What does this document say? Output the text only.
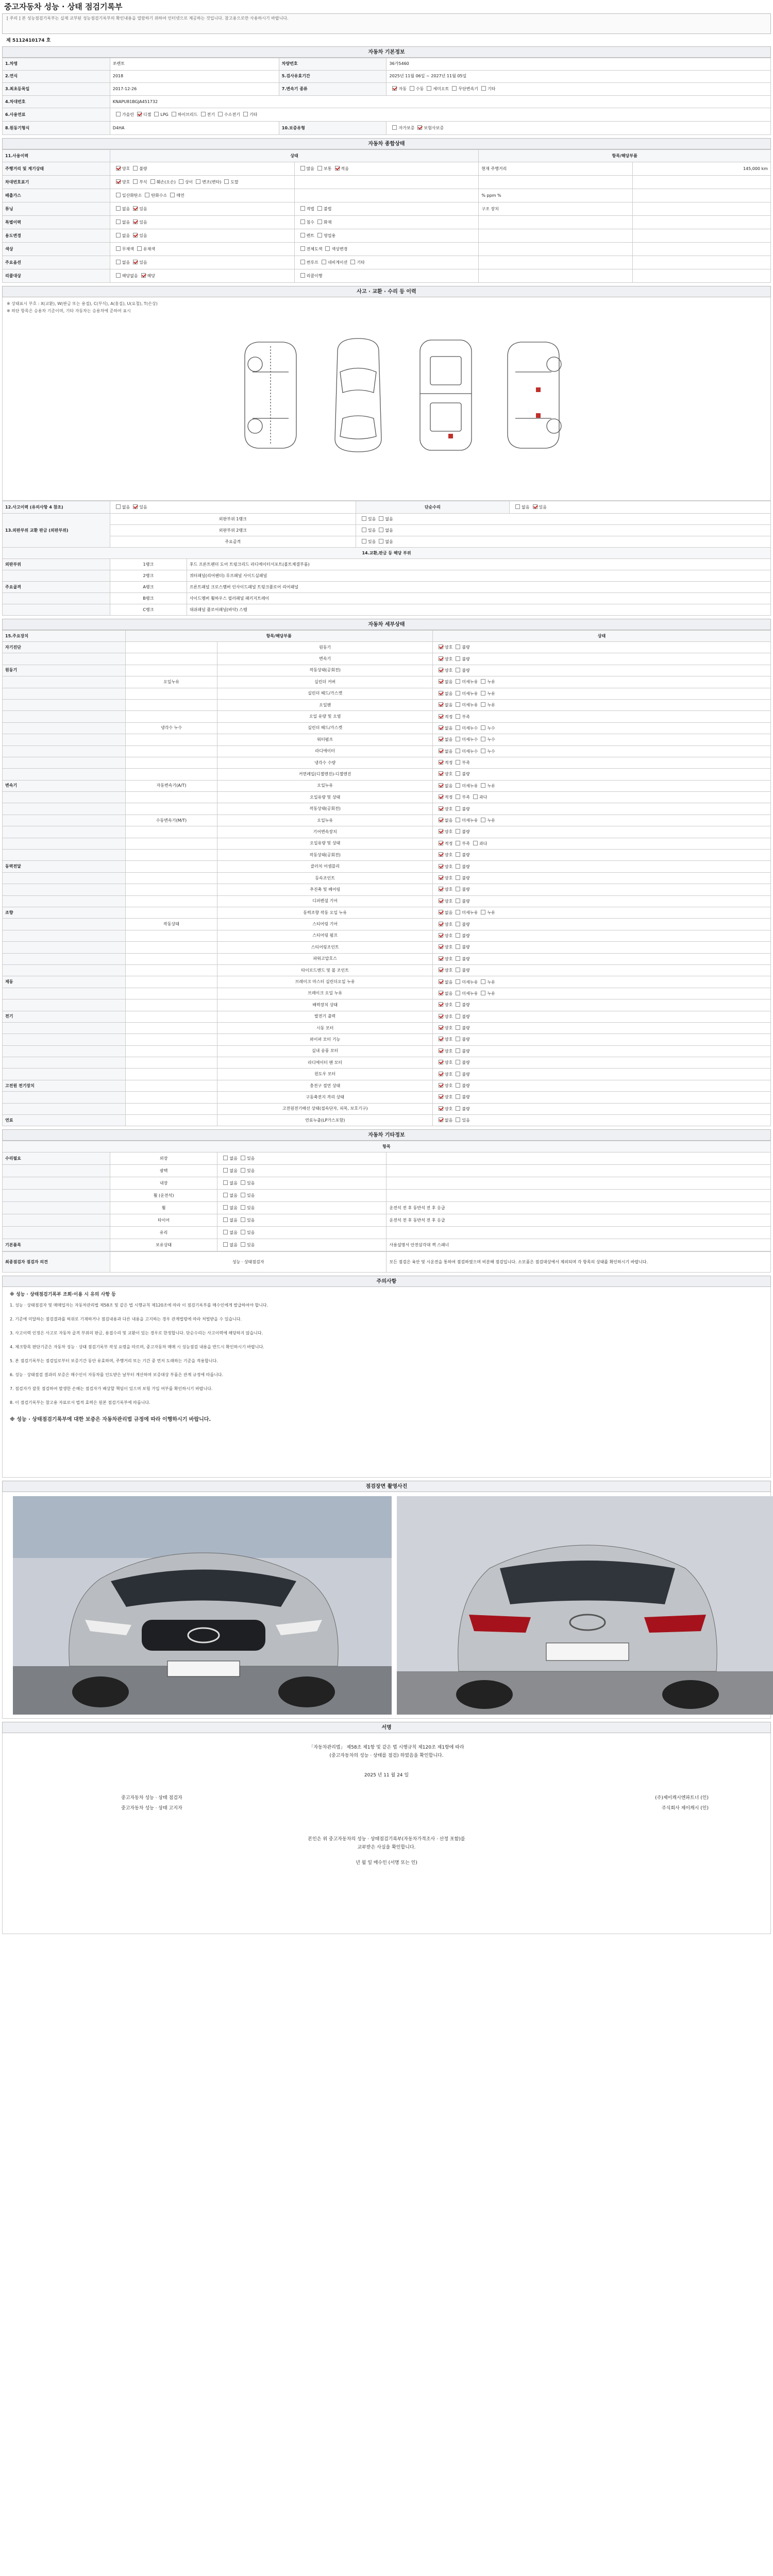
중고자동차 성능 · 상태 점검기록부
[ 주의 ] 본 성능점검기록부는 실제 교부된 성능점검기록부의 확인내용을 열람하기 위하여 인터넷으로 제공하는 것입니다. 참고용으로만 사용하시기 바랍니다.
제 5112410174 호
자동차 기본정보
1.차명	쏘렌토	차량번호	36가5460
2.연식	2018	5.검사유효기간	2025년 11월 06일 ~ 2027년 11월 05일
3.최초등록일	2017-12-26	7.변속기 종류	자동 수동 세미오토 무단변속기 기타
4.차대번호	KNAPU81BGJA451732		
6.사용연료	가솔린 디젤 LPG 하이브리드 전기 수소전기 기타		
8.원동기형식	D4HA	10.보증유형	자가보증 보험사보증
자동차 종합상태
11.사용이력	상태		항목/해당부품	
주행거리 및 계기상태	양호 불량	많음 보통 적음	현재 주행거리	145,000 km
차대번호표기	양호 부식 훼손(오손) 상이 변조(변타) 도말			
배출가스	일산화탄소 탄화수소 매연		% ppm %	
튜닝	없음 있음	적법 불법	구조 장치	
특별이력	없음 있음	침수 화재		
용도변경	없음 있음	렌트 영업용		
색상	무채색 유채색	전체도색 색상변경		
주요옵션	없음 있음	썬루프 네비게이션 기타		
리콜대상	해당없음 해당	리콜이행		
사고 · 교환 · 수리 등 이력
※ 상태표시 부호 : X(교환), W(판금 또는 용접), C(부식), A(흠집), U(요철), T(손상)
※ 하단 항목은 승용차 기준이며, 기타 자동차는 승용차에 준하여 표시
12.사고이력 (유의사항 4 참조)	없음 있음		단순수리	없음 있음
13.외판부위 교환 판금 (외판부위)	외판부위 1랭크		있음 없음	
	외판부위 2랭크		있음 없음	
	주요골격		있음 없음	
14.교환,판금 등 해당 부위				
외판부위	1랭크	후드 프론트펜더 도어 트렁크리드 라디에이터서포트(볼트체결부품)		
	2랭크	쿼터패널(리어펜더) 루프패널 사이드실패널		
주요골격	A랭크	프론트패널 크로스멤버 인사이드패널 트렁크플로어 리어패널		
	B랭크	사이드멤버 휠하우스 필러패널 패키지트레이		
	C랭크	대쉬패널 플로어패널(바닥) 스템		
자동차 세부상태
15.주요장치	항목/해당부품		상태
자기진단		원동기	양호 불량
		변속기	양호 불량
원동기		작동상태(공회전)	양호 불량
	오일누유	실린더 커버	없음 미세누유 누유
		실린더 헤드/가스켓	없음 미세누유 누유
		오일팬	없음 미세누유 누유
		오일 유량 및 오염	적정 부족
	냉각수 누수	실린더 헤드/가스켓	없음 미세누수 누수
		워터펌프	없음 미세누수 누수
		라디에이터	없음 미세누수 누수
		냉각수 수량	적정 부족
		커먼레일(디젤엔진)-디젤엔진	양호 불량
변속기	자동변속기(A/T)	오일누유	없음 미세누유 누유
		오일유량 및 상태	적정 부족 과다
		작동상태(공회전)	양호 불량
	수동변속기(M/T)	오일누유	없음 미세누유 누유
		기어변속장치	양호 불량
		오일유량 및 상태	적정 부족 과다
		작동상태(공회전)	양호 불량
동력전달		클러치 어셈블리	양호 불량
		등속조인트	양호 불량
		추진축 및 베어링	양호 불량
		디퍼렌셜 기어	양호 불량
조향		동력조향 작동 오일 누유	없음 미세누유 누유
	작동상태	스티어링 기어	양호 불량
		스티어링 펌프	양호 불량
		스티어링조인트	양호 불량
		파워고압호스	양호 불량
		타이로드엔드 및 볼 조인트	양호 불량
제동		브레이크 마스터 실린더오일 누유	없음 미세누유 누유
		브레이크 오일 누유	없음 미세누유 누유
		배력장치 상태	양호 불량
전기		발전기 출력	양호 불량
		시동 모터	양호 불량
		와이퍼 모터 기능	양호 불량
		실내 송풍 모터	양호 불량
		라디에이터 팬 모터	양호 불량
		윈도우 모터	양호 불량
고전원 전기장치		충전구 절연 상태	양호 불량
		구동축전지 격리 상태	양호 불량
		고전원전기배선 상태(접속단자, 피복, 보호기구)	양호 불량
연료		연료누출(LP가스포함)	없음 있음
자동차 기타정보
항목			
수리필요	외장	없음 있음	
	광택	없음 있음	
	내장	없음 있음	
	휠 (운전석)	없음 있음	
	휠	없음 있음	운전석 전 후 동반석 전 후 응급
	타이어	없음 있음	운전석 전 후 동반석 전 후 응급
	유리	없음 있음	
기본품목	보유상태	없음 있음	사용설명서 안전삼각대 잭 스패너
최종점검자 점검자 의견	성능 · 상태점검자	모든 점검은 육안 및 시운전을 통하여 점검하였으며 비분해 점검입니다. 소모품은 점검대상에서 제외되며 각 항목의 상태를 확인하시기 바랍니다.
주의사항

※ 성능 · 상태점검기록부 조회·이용 시 유의 사항 등

1. 성능 · 상태점검자 및 매매업자는 자동차관리법 제58조 및 같은 법 시행규칙 제120조에 따라 이 점검기록부를 매수인에게 발급하여야 합니다.

2. 기준에 미달하는 점검결과를 허위로 기재하거나 점검내용과 다른 내용을 고지하는 경우 관계법령에 따라 처벌받을 수 있습니다.

3. 사고이력 인정은 사고로 자동차 골격 부위의 판금, 용접수리 및 교환이 있는 경우로 한정합니다. 단순수리는 사고이력에 해당하지 않습니다.

4. 체크항목 판단기준은 자동차 성능 · 상태 점검기록부 작성 요령을 따르며, 중고자동차 매매 시 성능점검 내용을 반드시 확인하시기 바랍니다.

5. 본 점검기록부는 점검일로부터 보증기간 동안 유효하며, 주행거리 또는 기간 중 먼저 도래하는 기준을 적용합니다.

6. 성능 · 상태점검 결과의 보증은 매수인이 자동차를 인도받은 날부터 계산하며 보증대상 부품은 관계 규정에 따릅니다.

7. 점검자가 잘못 점검하여 발생한 손해는 점검자가 배상할 책임이 있으며 보험 가입 여부를 확인하시기 바랍니다.

8. 이 점검기록부는 참고용 자료로서 법적 효력은 원본 점검기록부에 따릅니다.

※ 성능 · 상태점검기록부에 대한 보증은 자동차관리법 규정에 따라 이행하시기 바랍니다.

점검장면 촬영사진
서명
「자동차관리법」 제58조 제1항 및 같은 법 시행규칙 제120조 제1항에 따라
(중고자동차의 성능 · 상태를 점검) 하였음을 확인합니다.
2025 년 11 월 24 일
중고자동차 성능 · 상태 점검자	(주)제이캐시엔파트너 (인)
중고자동차 성능 · 상태 고지자	주식회사 제이캐시 (인)
본인은 위 중고자동차의 성능 · 상태점검기록부(자동차가격조사 · 산정 포함)를
교부받은 사실을 확인합니다.
년 월 일 매수인 (서명 또는 인)
